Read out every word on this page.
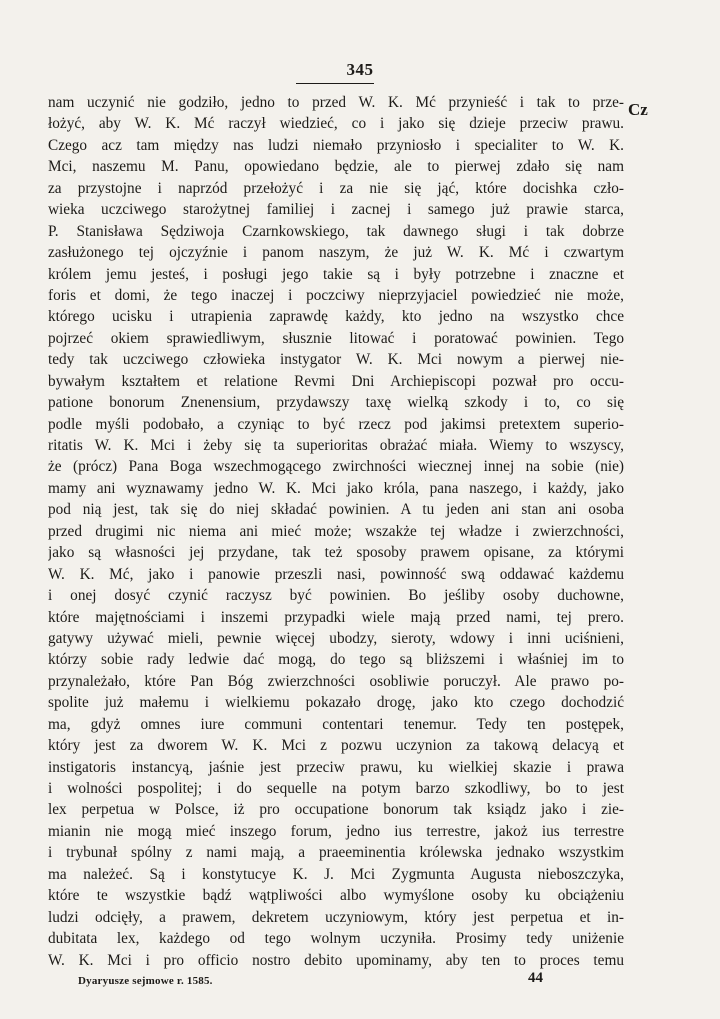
345
Cz
nam uczynić nie godziło, jedno to przed W. K. Mć przynieść i tak to prze-
łożyć, aby W. K. Mć raczył wiedzieć, co i jako się dzieje przeciw prawu.
Czego acz tam między nas ludzi niemało przyniosło i specialiter to W. K.
Mci, naszemu M. Panu, opowiedano będzie, ale to pierwej zdało się nam
za przystojne i naprzód przełożyć i za nie się jąć, które docishka czło-
wieka uczciwego starożytnej familiej i zacnej i samego już prawie starca,
P. Stanisława Sędziwoja Czarnkowskiego, tak dawnego sługi i tak dobrze
zasłużonego tej ojczyźnie i panom naszym, że już W. K. Mć i czwartym
królem jemu jesteś, i posługi jego takie są i były potrzebne i znaczne et
foris et domi, że tego inaczej i poczciwy nieprzyjaciel powiedzieć nie może,
którego ucisku i utrapienia zaprawdę każdy, kto jedno na wszystko chce
pojrzeć okiem sprawiedliwym, słusznie litować i poratować powinien. Tego
tedy tak uczciwego człowieka instygator W. K. Mci nowym a pierwej nie-
bywałym kształtem et relatione Revmi Dni Archiepiscopi pozwał pro occu-
patione bonorum Znenensium, przydawszy taxę wielką szkody i to, co się
podle myśli podobało, a czyniąc to być rzecz pod jakimsi pretextem superio-
ritatis W. K. Mci i żeby się ta superioritas obrażać miała. Wiemy to wszyscy,
że (prócz) Pana Boga wszechmogącego zwirchności wiecznej innej na sobie (nie)
mamy ani wyznawamy jedno W. K. Mci jako króla, pana naszego, i każdy, jako
pod nią jest, tak się do niej składać powinien. A tu jeden ani stan ani osoba
przed drugimi nic niema ani mieć może; wszakże tej władze i zwierzchności,
jako są własności jej przydane, tak też sposoby prawem opisane, za którymi
W. K. Mć, jako i panowie przeszli nasi, powinność swą oddawać każdemu
i onej dosyć czynić raczysz być powinien. Bo jeśliby osoby duchowne,
które majętnościami i inszemi przypadki wiele mają przed nami, tej prero.
gatywy używać mieli, pewnie więcej ubodzy, sieroty, wdowy i inni uciśnieni,
którzy sobie rady ledwie dać mogą, do tego są bliższemi i właśniej im to
przynależało, które Pan Bóg zwierzchności osobliwie poruczył. Ale prawo po-
spolite już małemu i wielkiemu pokazało drogę, jako kto czego dochodzić
ma, gdyż omnes iure communi contentari tenemur. Tedy ten postępek,
który jest za dworem W. K. Mci z pozwu uczynion za takową delacyą et
instigatoris instancyą, jaśnie jest przeciw prawu, ku wielkiej skazie i prawa
i wolności pospolitej; i do sequelle na potym barzo szkodliwy, bo to jest
lex perpetua w Polsce, iż pro occupatione bonorum tak ksiądz jako i zie-
mianin nie mogą mieć inszego forum, jedno ius terrestre, jakoż ius terrestre
i trybunał spólny z nami mają, a praeeminentia królewska jednako wszystkim
ma należeć. Są i konstytucye K. J. Mci Zygmunta Augusta nieboszczyka,
które te wszystkie bądź wątpliwości albo wymyślone osoby ku obciążeniu
ludzi odcięły, a prawem, dekretem uczyniowym, który jest perpetua et in-
dubitata lex, każdego od tego wolnym uczyniła. Prosimy tedy uniżenie
W. K. Mci i pro officio nostro debito upominamy, aby ten to proces temu
Dyaryusze sejmowe r. 1585.	44
